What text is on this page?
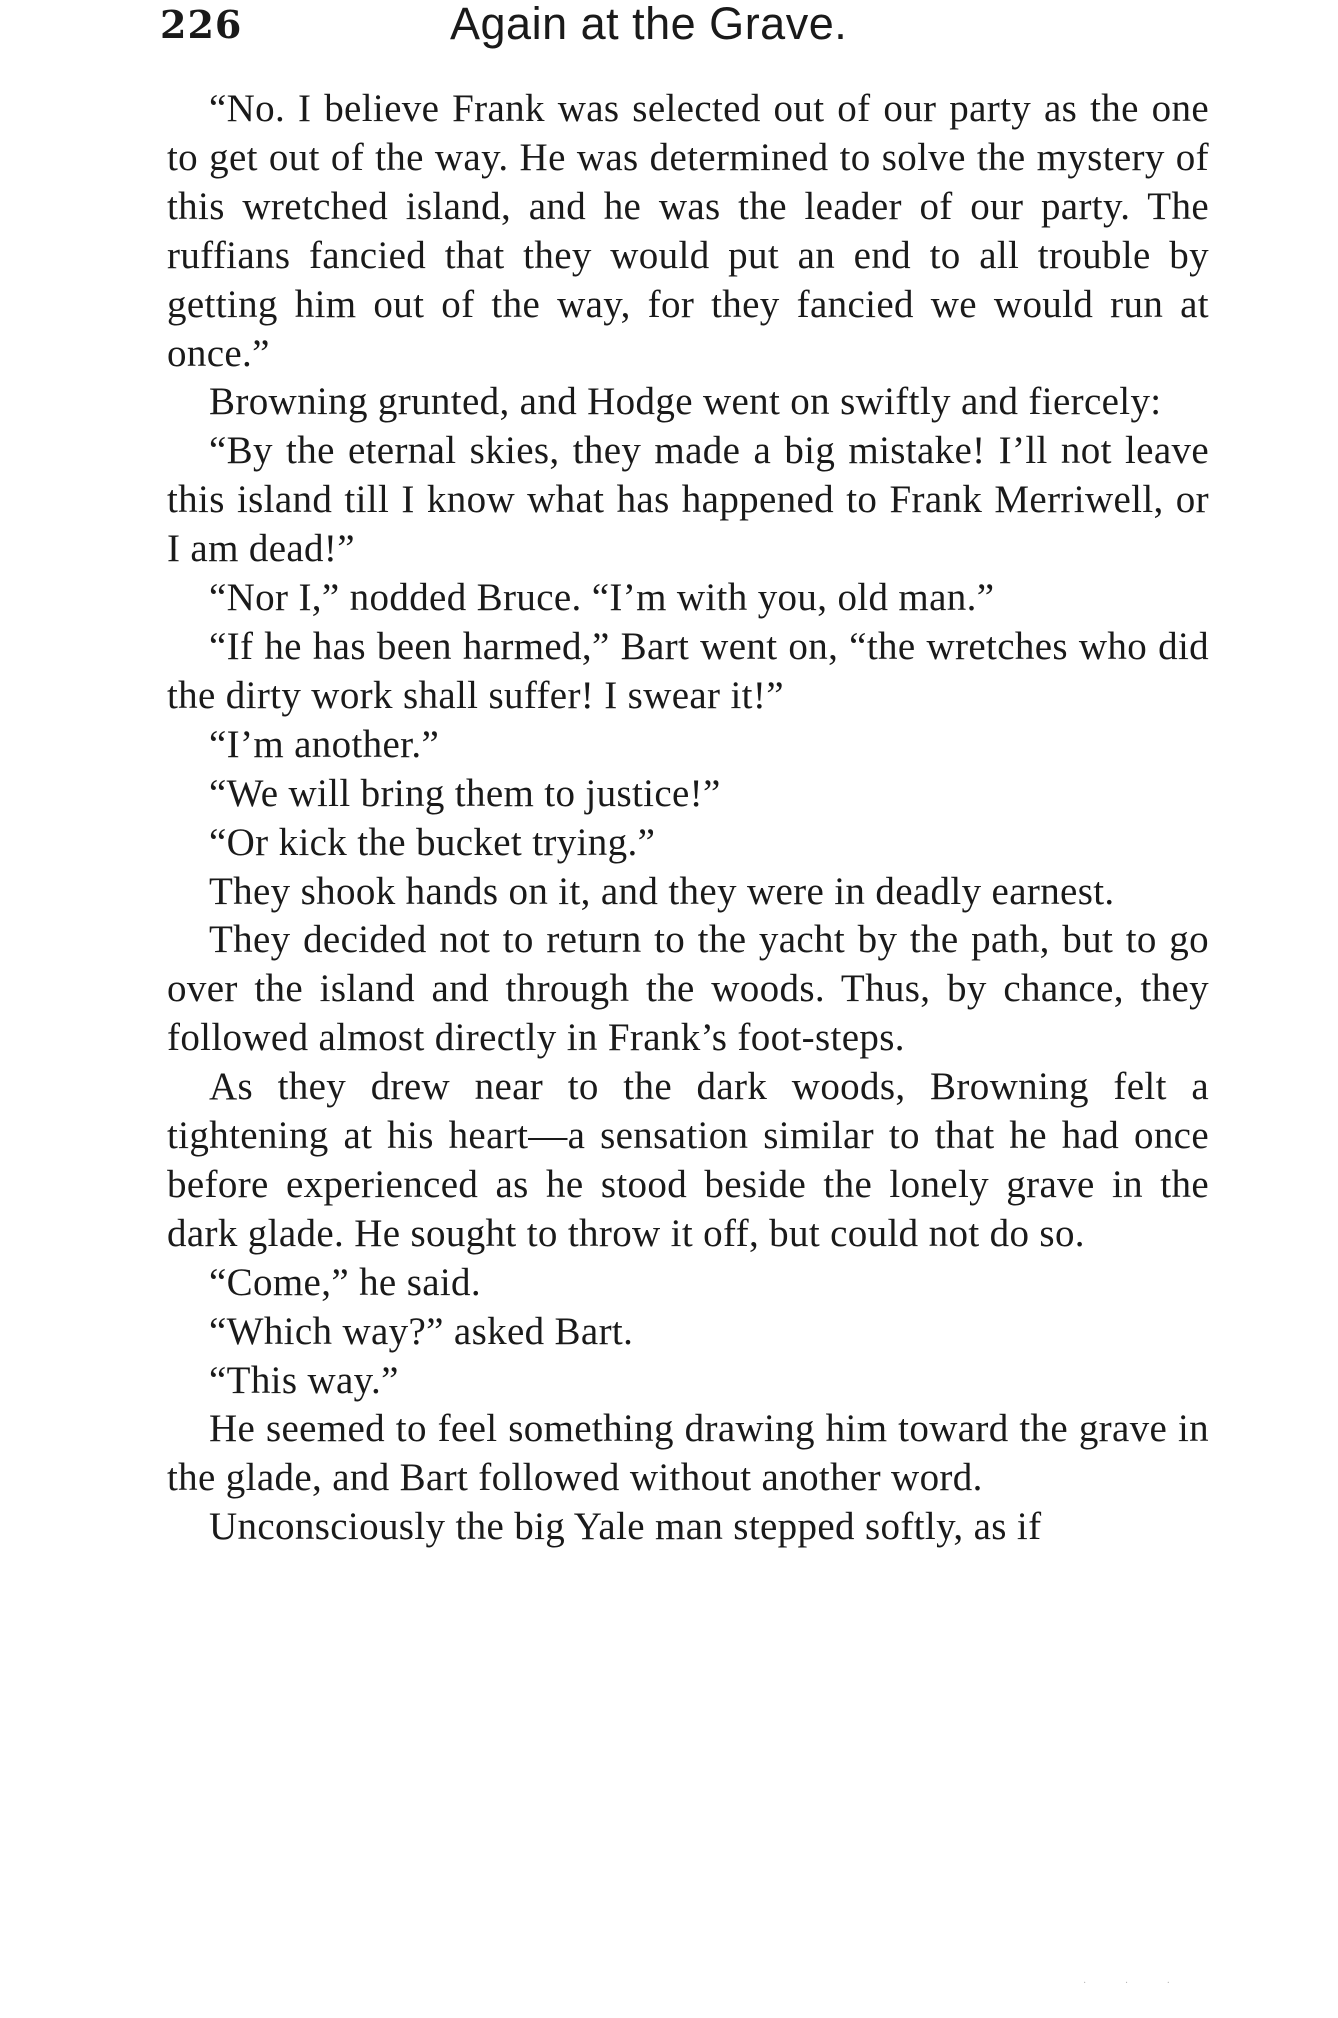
226	Again at the Grave.

“No. I believe Frank was selected out of our party as the one to get out of the way. He was determined to solve the mystery of this wretched island, and he was the leader of our party. The ruffians fancied that they would put an end to all trouble by getting him out of the way, for they fancied we would run at once.”

Browning grunted, and Hodge went on swiftly and fiercely:

“By the eternal skies, they made a big mistake! I’ll not leave this island till I know what has happened to Frank Merriwell, or I am dead!”

“Nor I,” nodded Bruce. “I’m with you, old man.”

“If he has been harmed,” Bart went on, “the wretches who did the dirty work shall suffer! I swear it!”

“I’m another.”

“We will bring them to justice!”

“Or kick the bucket trying.”

They shook hands on it, and they were in deadly earnest.

They decided not to return to the yacht by the path, but to go over the island and through the woods. Thus, by chance, they followed almost directly in Frank’s foot-steps.

As they drew near to the dark woods, Browning felt a tightening at his heart—a sensation similar to that he had once before experienced as he stood beside the lonely grave in the dark glade. He sought to throw it off, but could not do so.

“Come,” he said.

“Which way?” asked Bart.

“This way.”

He seemed to feel something drawing him toward the grave in the glade, and Bart followed without another word.

Unconsciously the big Yale man stepped softly, as if

· · ·
